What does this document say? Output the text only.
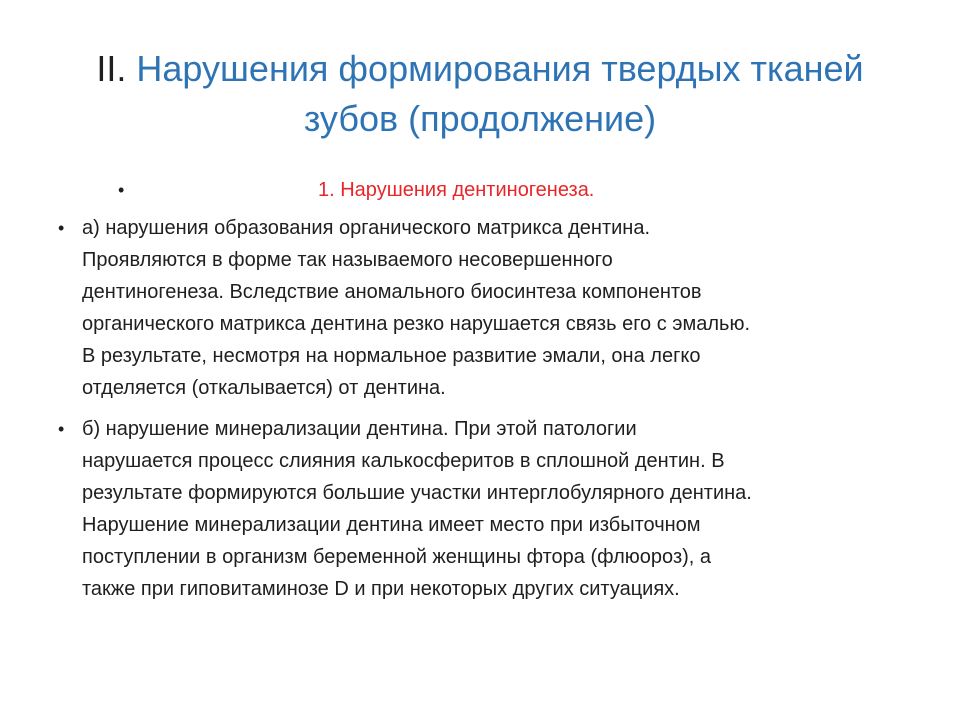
II. Нарушения формирования твердых тканей
зубов (продолжение)
•	1. Нарушения дентиногенеза.
• а) нарушения образования органического матрикса дентина.
Проявляются в форме так называемого несовершенного
дентиногенеза. Вследствие аномального биосинтеза компонентов
органического матрикса дентина резко нарушается связь его с эмалью.
В результате, несмотря на нормальное развитие эмали, она легко
отделяется (откалывается) от дентина.
• б) нарушение минерализации дентина. При этой патологии
нарушается процесс слияния калькосферитов в сплошной дентин. В
результате формируются большие участки интерглобулярного дентина.
Нарушение минерализации дентина имеет место при избыточном
поступлении в организм беременной женщины фтора (флюороз), а
также при гиповитаминозе D и при некоторых других ситуациях.
